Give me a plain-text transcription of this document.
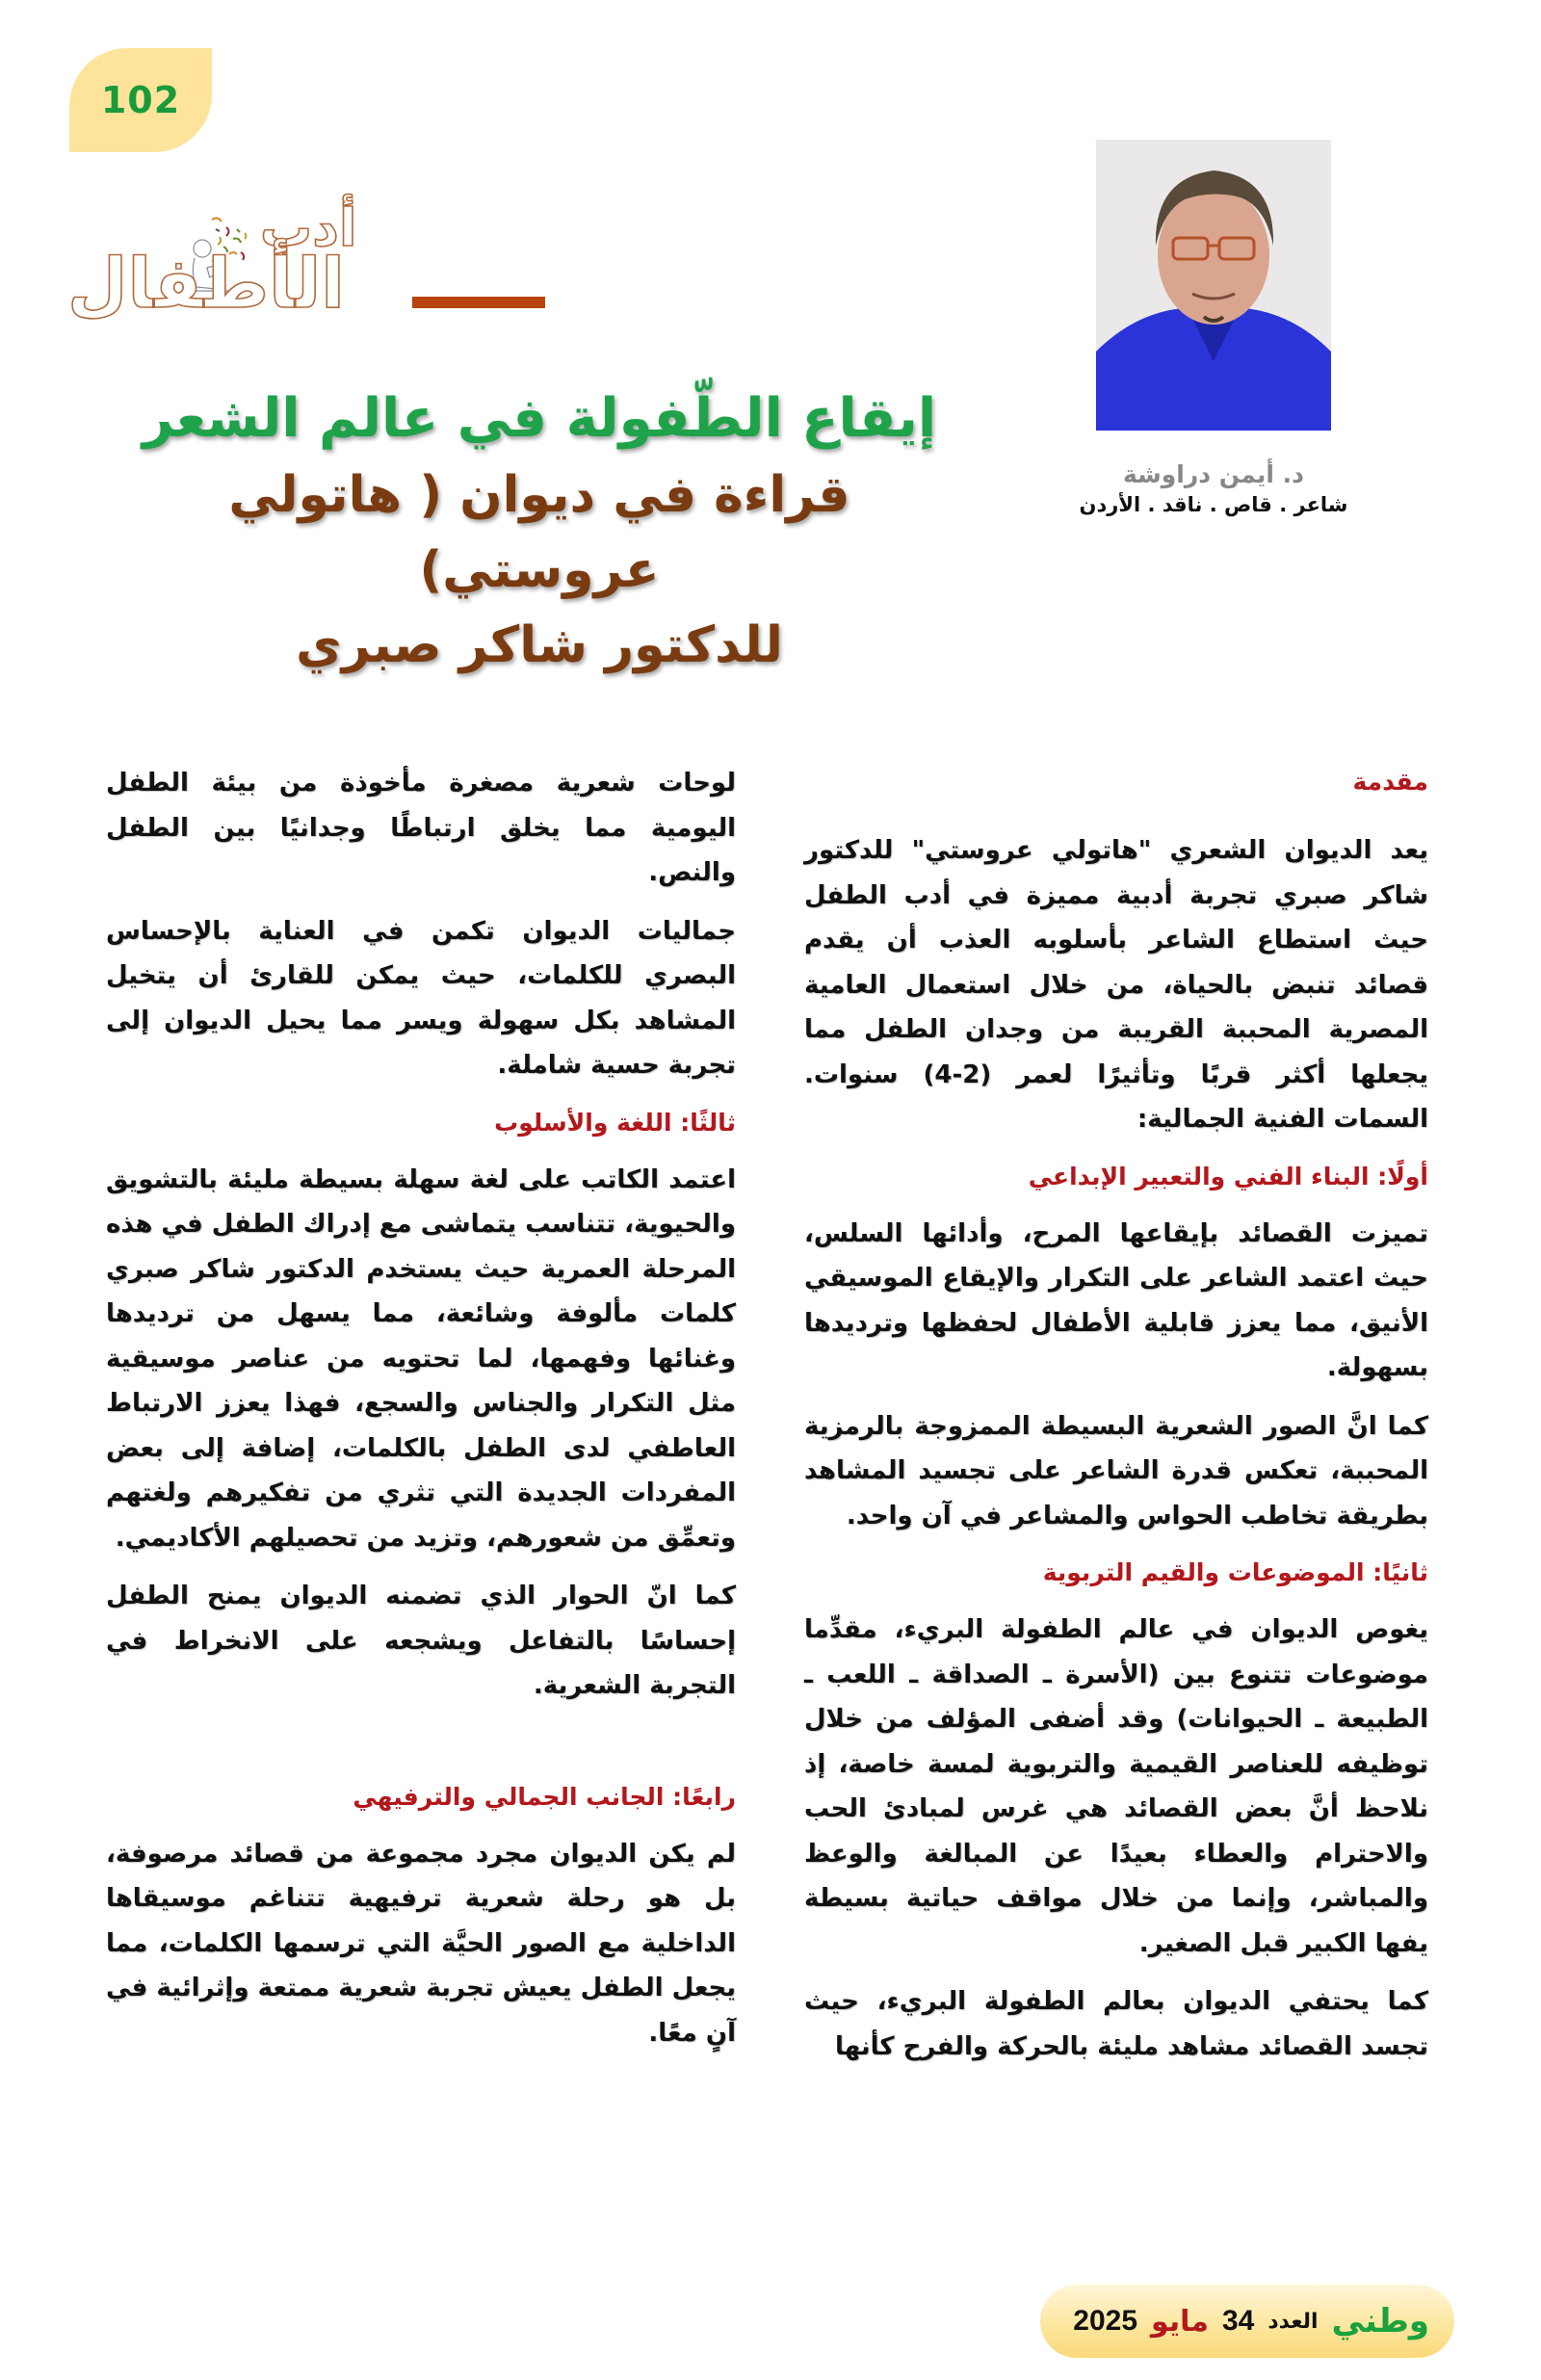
102
أدب
الأطفال
د. أيمن دراوشة
شاعر . قاص . ناقد . الأردن
إيقاع الطّفولة في عالم الشعر
قراءة في ديوان ( هاتولي عروستي)
للدكتور شاكر صبري
مقدمة

يعد الديوان الشعري "هاتولي عروستي" للدكتور شاكر صبري تجربة أدبية مميزة في أدب الطفل حيث استطاع الشاعر بأسلوبه العذب أن يقدم قصائد تنبض بالحياة، من خلال استعمال العامية المصرية المحببة القريبة من وجدان الطفل مما يجعلها أكثر قربًا وتأثيرًا لعمر (2-4) سنوات. السمات الفنية الجمالية:

أولًا: البناء الفني والتعبير الإبداعي

تميزت القصائد بإيقاعها المرح، وأدائها السلس، حيث اعتمد الشاعر على التكرار والإيقاع الموسيقي الأنيق، مما يعزز قابلية الأطفال لحفظها وترديدها بسهولة.

كما انَّ الصور الشعرية البسيطة الممزوجة بالرمزية المحببة، تعكس قدرة الشاعر على تجسيد المشاهد بطريقة تخاطب الحواس والمشاعر في آن واحد.

ثانيًا: الموضوعات والقيم التربوية

يغوص الديوان في عالم الطفولة البريء، مقدِّما موضوعات تتنوع بين (الأسرة ـ الصداقة ـ اللعب ـ الطبيعة ـ الحيوانات) وقد أضفى المؤلف من خلال توظيفه للعناصر القيمية والتربوية لمسة خاصة، إذ نلاحظ أنَّ بعض القصائد هي غرس لمبادئ الحب والاحترام والعطاء بعيدًا عن المبالغة والوعظ والمباشر، وإنما من خلال مواقف حياتية بسيطة يفها الكبير قبل الصغير.

كما يحتفي الديوان بعالم الطفولة البريء، حيث تجسد القصائد مشاهد مليئة بالحركة والفرح كأنها

لوحات شعرية مصغرة مأخوذة من بيئة الطفل اليومية مما يخلق ارتباطًا وجدانيًا بين الطفل والنص.

جماليات الديوان تكمن في العناية بالإحساس البصري للكلمات، حيث يمكن للقارئ أن يتخيل المشاهد بكل سهولة ويسر مما يحيل الديوان إلى تجربة حسية شاملة.

ثالثًا: اللغة والأسلوب

اعتمد الكاتب على لغة سهلة بسيطة مليئة بالتشويق والحيوية، تتناسب يتماشى مع إدراك الطفل في هذه المرحلة العمرية حيث يستخدم الدكتور شاكر صبري كلمات مألوفة وشائعة، مما يسهل من ترديدها وغنائها وفهمها، لما تحتويه من عناصر موسيقية مثل التكرار والجناس والسجع، فهذا يعزز الارتباط العاطفي لدى الطفل بالكلمات، إضافة إلى بعض المفردات الجديدة التي تثري من تفكيرهم ولغتهم وتعمِّق من شعورهم، وتزيد من تحصيلهم الأكاديمي.

كما انّ الحوار الذي تضمنه الديوان يمنح الطفل إحساسًا بالتفاعل ويشجعه على الانخراط في التجربة الشعرية.

رابعًا: الجانب الجمالي والترفيهي

لم يكن الديوان مجرد مجموعة من قصائد مرصوفة، بل هو رحلة شعرية ترفيهية تتناغم موسيقاها الداخلية مع الصور الحيَّة التي ترسمها الكلمات، مما يجعل الطفل يعيش تجربة شعرية ممتعة وإثرائية في آنٍ معًا.

وطني
العدد
34
مايو
2025
